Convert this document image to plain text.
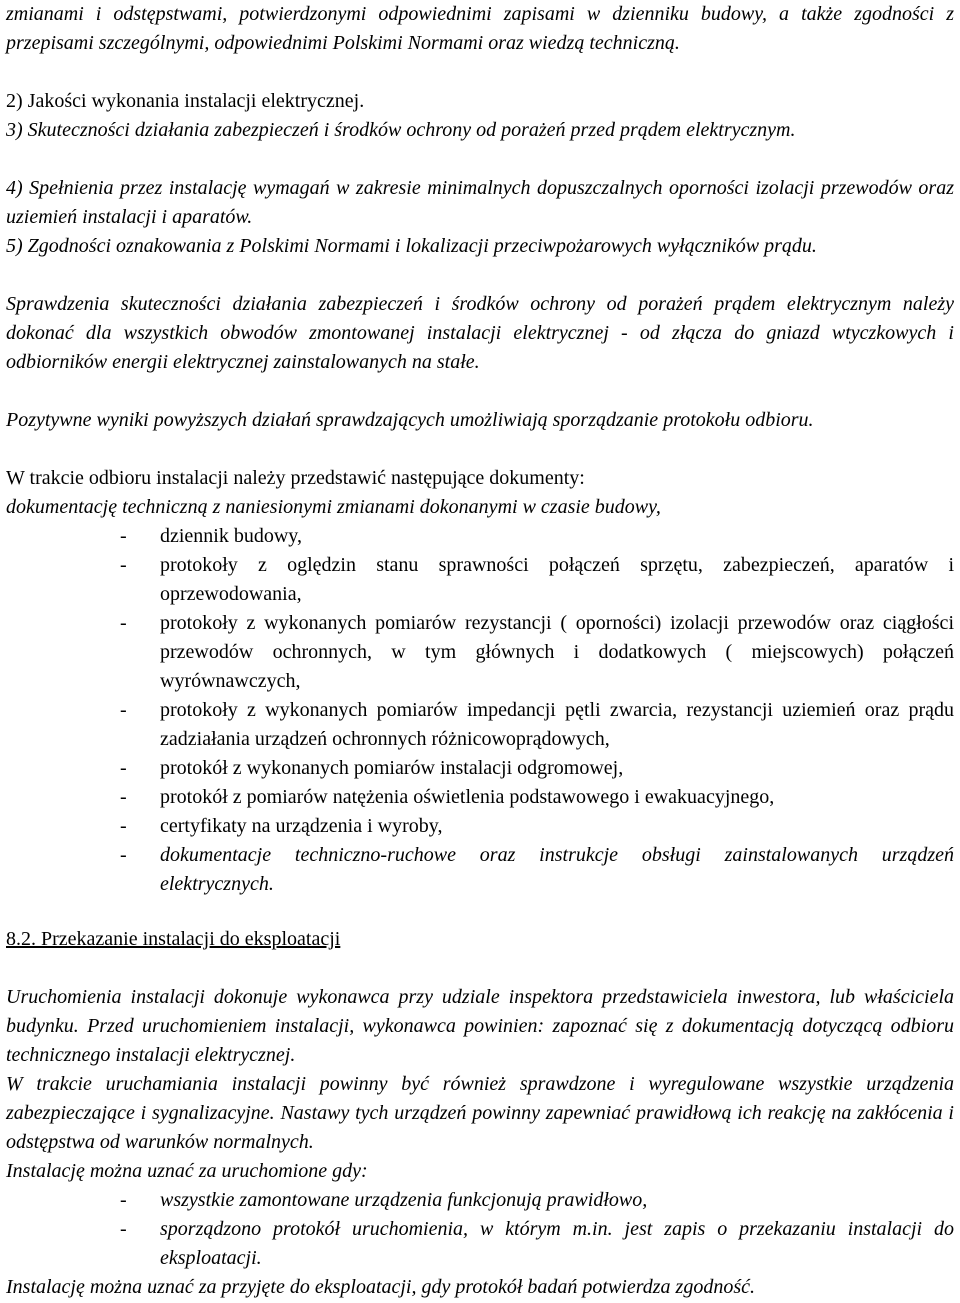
zmianami i odstępstwami, potwierdzonymi odpowiednimi zapisami w dzienniku budowy, a także zgodności z przepisami szczególnymi, odpowiednimi Polskimi Normami oraz wiedzą techniczną.

2) Jakości wykonania instalacji elektrycznej.

3) Skuteczności działania zabezpieczeń i środków ochrony od porażeń przed prądem elektrycznym.

4) Spełnienia przez instalację wymagań w zakresie minimalnych dopuszczalnych oporności izolacji przewodów oraz uziemień instalacji i aparatów.

5) Zgodności oznakowania z Polskimi Normami i lokalizacji przeciwpożarowych wyłączników prądu.

Sprawdzenia skuteczności działania zabezpieczeń i środków ochrony od porażeń prądem elektrycznym należy dokonać dla wszystkich obwodów zmontowanej instalacji elektrycznej - od złącza do gniazd wtyczkowych i odbiorników energii elektrycznej zainstalowanych na stałe.

Pozytywne wyniki powyższych działań sprawdzających umożliwiają sporządzanie protokołu odbioru.

W trakcie odbioru instalacji należy przedstawić następujące dokumenty:

dokumentację techniczną z naniesionymi zmianami dokonanymi w czasie budowy,

- dziennik budowy,
- protokoły z oględzin stanu sprawności połączeń sprzętu, zabezpieczeń, aparatów i oprzewodowania,
- protokoły z wykonanych pomiarów rezystancji ( oporności) izolacji przewodów oraz ciągłości przewodów ochronnych, w tym głównych i dodatkowych ( miejscowych) połączeń wyrównawczych,
- protokoły z wykonanych pomiarów impedancji pętli zwarcia, rezystancji uziemień oraz prądu zadziałania urządzeń ochronnych różnicowoprądowych,
- protokół z wykonanych pomiarów instalacji odgromowej,
- protokół z pomiarów natężenia oświetlenia podstawowego i ewakuacyjnego,
- certyfikaty na urządzenia i wyroby,
- dokumentacje techniczno-ruchowe oraz instrukcje obsługi zainstalowanych urządzeń elektrycznych.
8.2. Przekazanie instalacji do eksploatacji

Uruchomienia instalacji dokonuje wykonawca przy udziale inspektora przedstawiciela inwestora, lub właściciela budynku. Przed uruchomieniem instalacji, wykonawca powinien: zapoznać się z dokumentacją dotyczącą odbioru technicznego instalacji elektrycznej.

W trakcie uruchamiania instalacji powinny być również sprawdzone i wyregulowane wszystkie urządzenia zabezpieczające i sygnalizacyjne. Nastawy tych urządzeń powinny zapewniać prawidłową ich reakcję na zakłócenia i odstępstwa od warunków normalnych.

Instalację można uznać za uruchomione gdy:

- wszystkie zamontowane urządzenia funkcjonują prawidłowo,
- sporządzono protokół uruchomienia, w którym m.in. jest zapis o przekazaniu instalacji do eksploatacji.

Instalację można uznać za przyjęte do eksploatacji, gdy protokół badań potwierdza zgodność.
